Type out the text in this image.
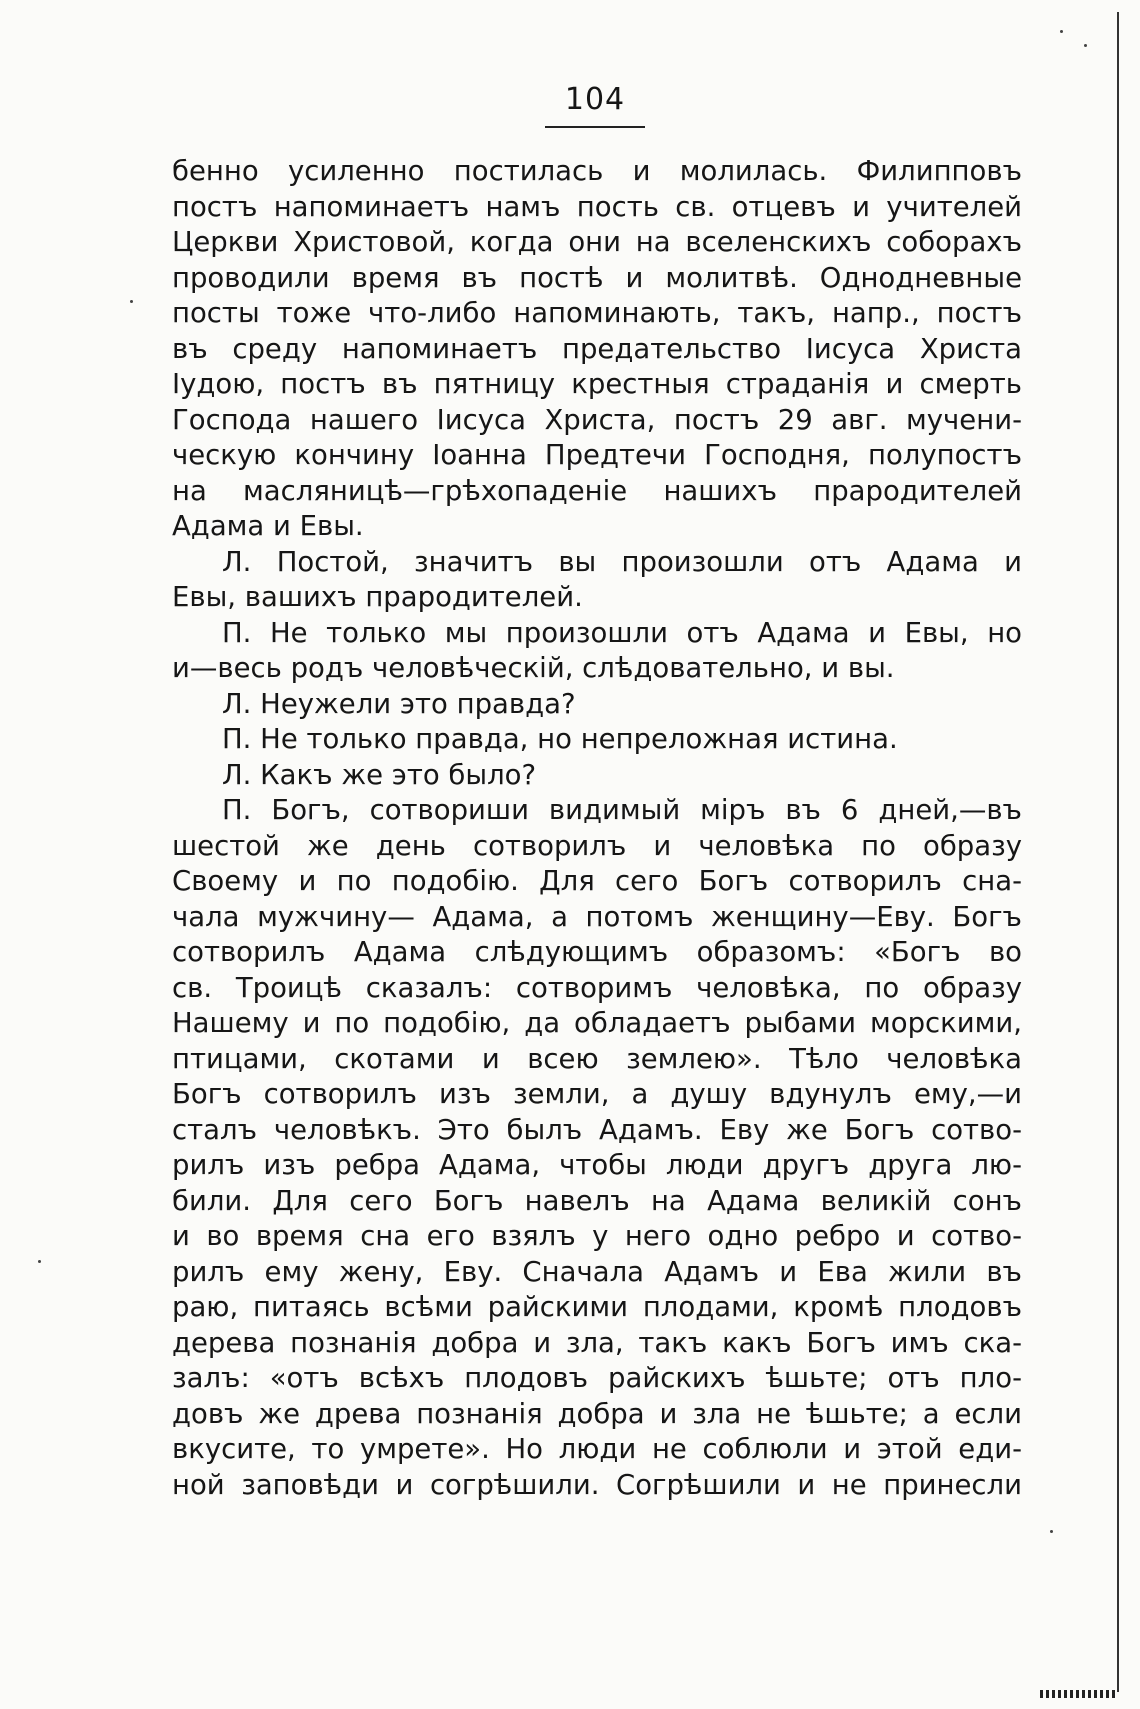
104
бенно усиленно постилась и молилась. Филипповъ
постъ напоминаетъ намъ пость св. отцевъ и учителей
Церкви Христовой, когда они на вселенскихъ соборахъ
проводили время въ постѣ и молитвѣ. Однодневные
посты тоже что-либо напоминають, такъ, напр., постъ
въ среду напоминаетъ предательство Іисуса Христа
Іудою, постъ въ пятницу крестныя страданія и смерть
Господа нашего Іисуса Христа, постъ 29 авг. мучени-
ческую кончину Іоанна Предтечи Господня, полупостъ
на масляницѣ—грѣхопаденіе нашихъ прародителей
Адама и Евы.
Л. Постой, значитъ вы произошли отъ Адама и
Евы, вашихъ прародителей.
П. Не только мы произошли отъ Адама и Евы, но
и—весь родъ человѣческій, слѣдовательно, и вы.
Л. Неужели это правда?
П. Не только правда, но непреложная истина.
Л. Какъ же это было?
П. Богъ, сотвориши видимый міръ въ 6 дней,—въ
шестой же день сотворилъ и человѣка по образу
Своему и по подобію. Для сего Богъ сотворилъ сна-
чала мужчину— Адама, а потомъ женщину—Еву. Богъ
сотворилъ Адама слѣдующимъ образомъ: «Богъ во
св. Троицѣ сказалъ: сотворимъ человѣка, по образу
Нашему и по подобію, да обладаетъ рыбами морскими,
птицами, скотами и всею землею». Тѣло человѣка
Богъ сотворилъ изъ земли, а душу вдунулъ ему,—и
сталъ человѣкъ. Это былъ Адамъ. Еву же Богъ сотво-
рилъ изъ ребра Адама, чтобы люди другъ друга лю-
били. Для сего Богъ навелъ на Адама великій сонъ
и во время сна его взялъ у него одно ребро и сотво-
рилъ ему жену, Еву. Сначала Адамъ и Ева жили въ
раю, питаясь всѣми райскими плодами, кромѣ плодовъ
дерева познанія добра и зла, такъ какъ Богъ имъ ска-
залъ: «отъ всѣхъ плодовъ райскихъ ѣшьте; отъ пло-
довъ же древа познанія добра и зла не ѣшьте; а если
вкусите, то умрете». Но люди не соблюли и этой еди-
ной заповѣди и согрѣшили. Согрѣшили и не принесли
